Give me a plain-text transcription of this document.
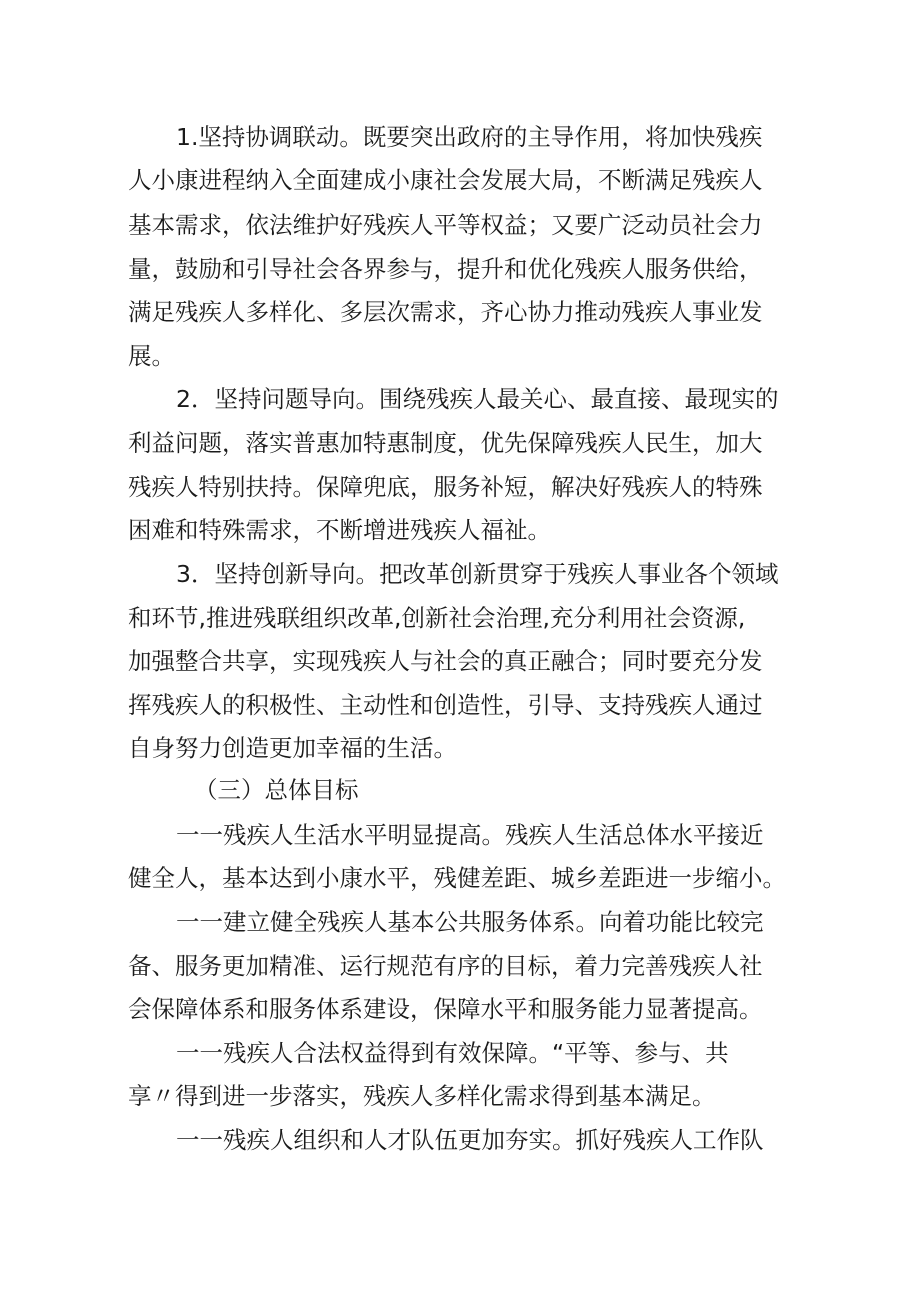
1.坚持协调联动。既要突出政府的主导作用，将加快残疾
人小康进程纳入全面建成小康社会发展大局，不断满足残疾人
基本需求，依法维护好残疾人平等权益；又要广泛动员社会力
量，鼓励和引导社会各界参与，提升和优化残疾人服务供给，
满足残疾人多样化、多层次需求，齐心协力推动残疾人事业发
展。
2．坚持问题导向。围绕残疾人最关心、最直接、最现实的
利益问题，落实普惠加特惠制度，优先保障残疾人民生，加大
残疾人特别扶持。保障兜底，服务补短，解决好残疾人的特殊
困难和特殊需求，不断增进残疾人福祉。
3．坚持创新导向。把改革创新贯穿于残疾人事业各个领域
和环节,推进残联组织改革,创新社会治理,充分利用社会资源,
加强整合共享，实现残疾人与社会的真正融合；同时要充分发
挥残疾人的积极性、主动性和创造性，引导、支持残疾人通过
自身努力创造更加幸福的生活。
（三）总体目标
一一残疾人生活水平明显提高。残疾人生活总体水平接近
健全人，基本达到小康水平，残健差距、城乡差距进一步缩小。
一一建立健全残疾人基本公共服务体系。向着功能比较完
备、服务更加精准、运行规范有序的目标，着力完善残疾人社
会保障体系和服务体系建设，保障水平和服务能力显著提高。
一一残疾人合法权益得到有效保障。“平等、参与、共
享〃得到进一步落实，残疾人多样化需求得到基本满足。
一一残疾人组织和人才队伍更加夯实。抓好残疾人工作队
